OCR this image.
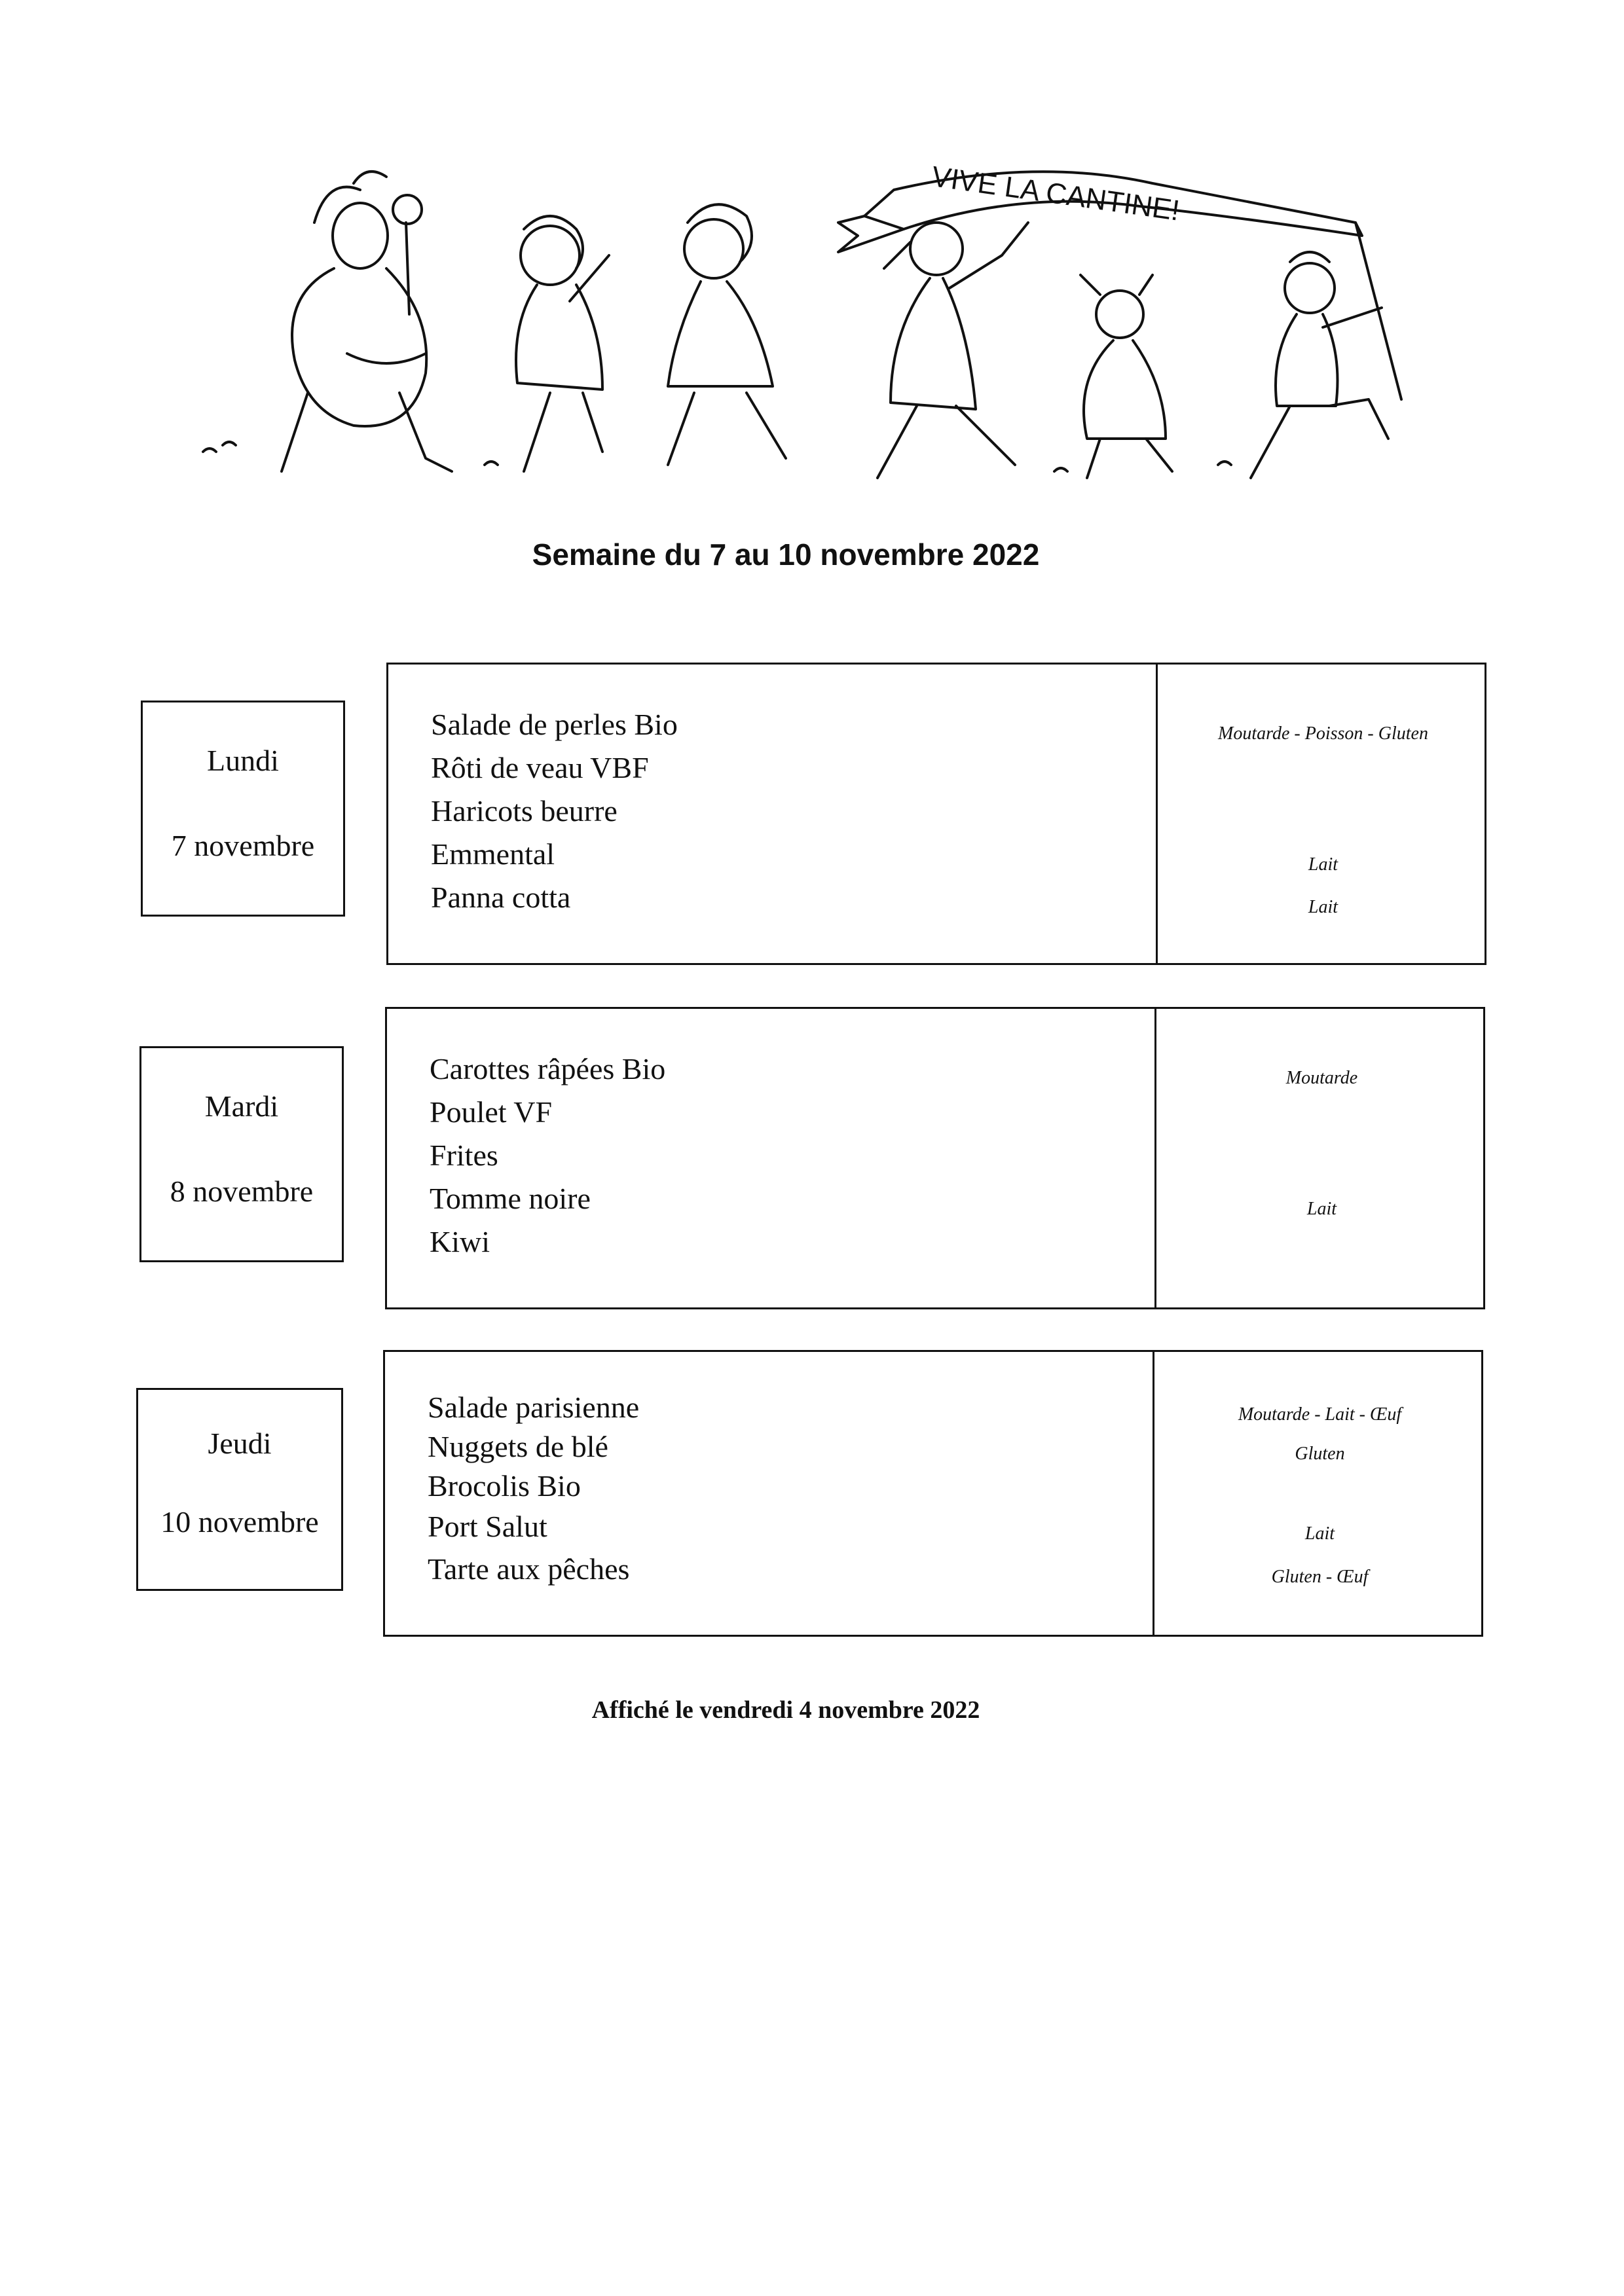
VIVE LA CANTINE!
Semaine du 7 au 10 novembre 2022
Lundi
7 novembre
Salade de perles Bio
Rôti de veau VBF
Haricots beurre
Emmental
Panna cotta
Moutarde - Poisson - Gluten
Lait
Lait
Mardi
8 novembre
Carottes râpées Bio
Poulet VF
Frites
Tomme noire
Kiwi
Moutarde
Lait
Jeudi
10 novembre
Salade parisienne
Nuggets de blé
Brocolis Bio
Port Salut
Tarte aux pêches
Moutarde - Lait - Œuf
Gluten
Lait
Gluten - Œuf
Affiché le vendredi 4 novembre 2022
